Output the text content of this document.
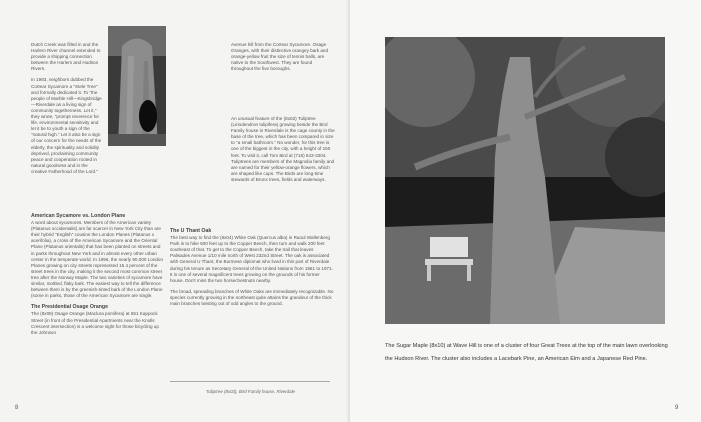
Dutch Creek was filled in and the Harlem River channel extended to provide a shipping connection between the Harlem and Hudson Rivers.

In 1983, neighbors dubbed the Cortear Sycamore a "Stele Tree" and formally dedicated it. To "the people of Marble Hill—Kingsbridge—Riverdale as a living sign of community togetherness. Let it," they wrote, "prompt reverence for life, environmental sensitivity and let it be to youth a sign of the "natural high." Let it also be a sign of our concern for the needs of the elderly, the spirituality and solidity deprived, proclaiming community peace and cooperation rooted in natural goodness and in the creative Fatherhood of the Lord."

American Sycamore vs. London Plane

A word about sycamores. Members of the American variety (Platanus occidentalis) are far scarcer in New York City than are their hybrid "English" cousins the London Planes (Platanus x acerifolia), a cross of the American Sycamore and the Oriental Plane (Platanus orientalis) that has been planted on streets and in parks throughout New York and in almost every other urban center in the temperate world. In 1996, the nearly 90,000 London Planes growing on city streets represented 15.4 percent of the street trees in the city, making it the second most common street tree after the Norway Maple. The two varieties of sycamore have similar, mottled, flaky bark. The easiest way to tell the difference between them is by the greenish-tinted bark of the London Plane (some in parks, those of the American Sycamore are single.

The Presidential Osage Orange

The (8x08) Osage Orange (Maclura pomifera) at 651 Kappock Street (in front of the Presidential Apartments near the Knolls Crescent intersection) is a welcome sight for those bicycling up the Johnson

Avenue hill from the Cortear Sycamore. Osage Oranges, with their distinctive orangey bark and orange-yellow fruit the size of tennis balls, are native to the Southwest. They are found throughout the five boroughs.

An unusual feature of the (8x03) Tuliptree (Liriodendron tulipifera) growing beside the Bird Family house in Riverdale is the cage county in the base of the tree, which has been compared in size to "a small bathroom." No wonder, for this tree is one of the biggest in the city, with a height of 150 feet. To visit it, call Tom Bird at (718) 543-3304. Tuliptrees are members of the Magnolia family and are named for their yellow-orange flowers, which are shaped like cups. The Birds are long-time stewards of Bronx trees, fields and waterways.

The U Thant Oak

The best way to find the (8x04) White Oak (Quercus alba) in Raoul Wallenberg Park is to hike 500 feet up to the Copper Beech, then turn and walk 200 feet southeast of that. To get to the Copper Beech, take the trail that leaves Palisades Avenue 1/10 mile north of West 232nd Street. The oak is associated with General U Thant, the Burmese diplomat who lived in this part of Riverdale during his tenure as Secretary General of the United Nations from 1961 to 1971. It is one of several magnificent trees growing on the grounds of his former house. Don't miss the two horsechestnuts nearby.

The broad, spreading branches of White Oaks are immediately recognizable. No species currently growing in the northeast quite attains the grandeur of the thick main branches twisting out of odd angles to the ground.

Tuliptree (8x03), Bird Family house, Riverdale
8
The Sugar Maple (8x10) at Wave Hill is one of a cluster of four Great Trees at the top of the main lawn overlooking the Hudson River. The cluster also includes a Lacebark Pine, an American Elm and a Japanese Red Pine.
9
